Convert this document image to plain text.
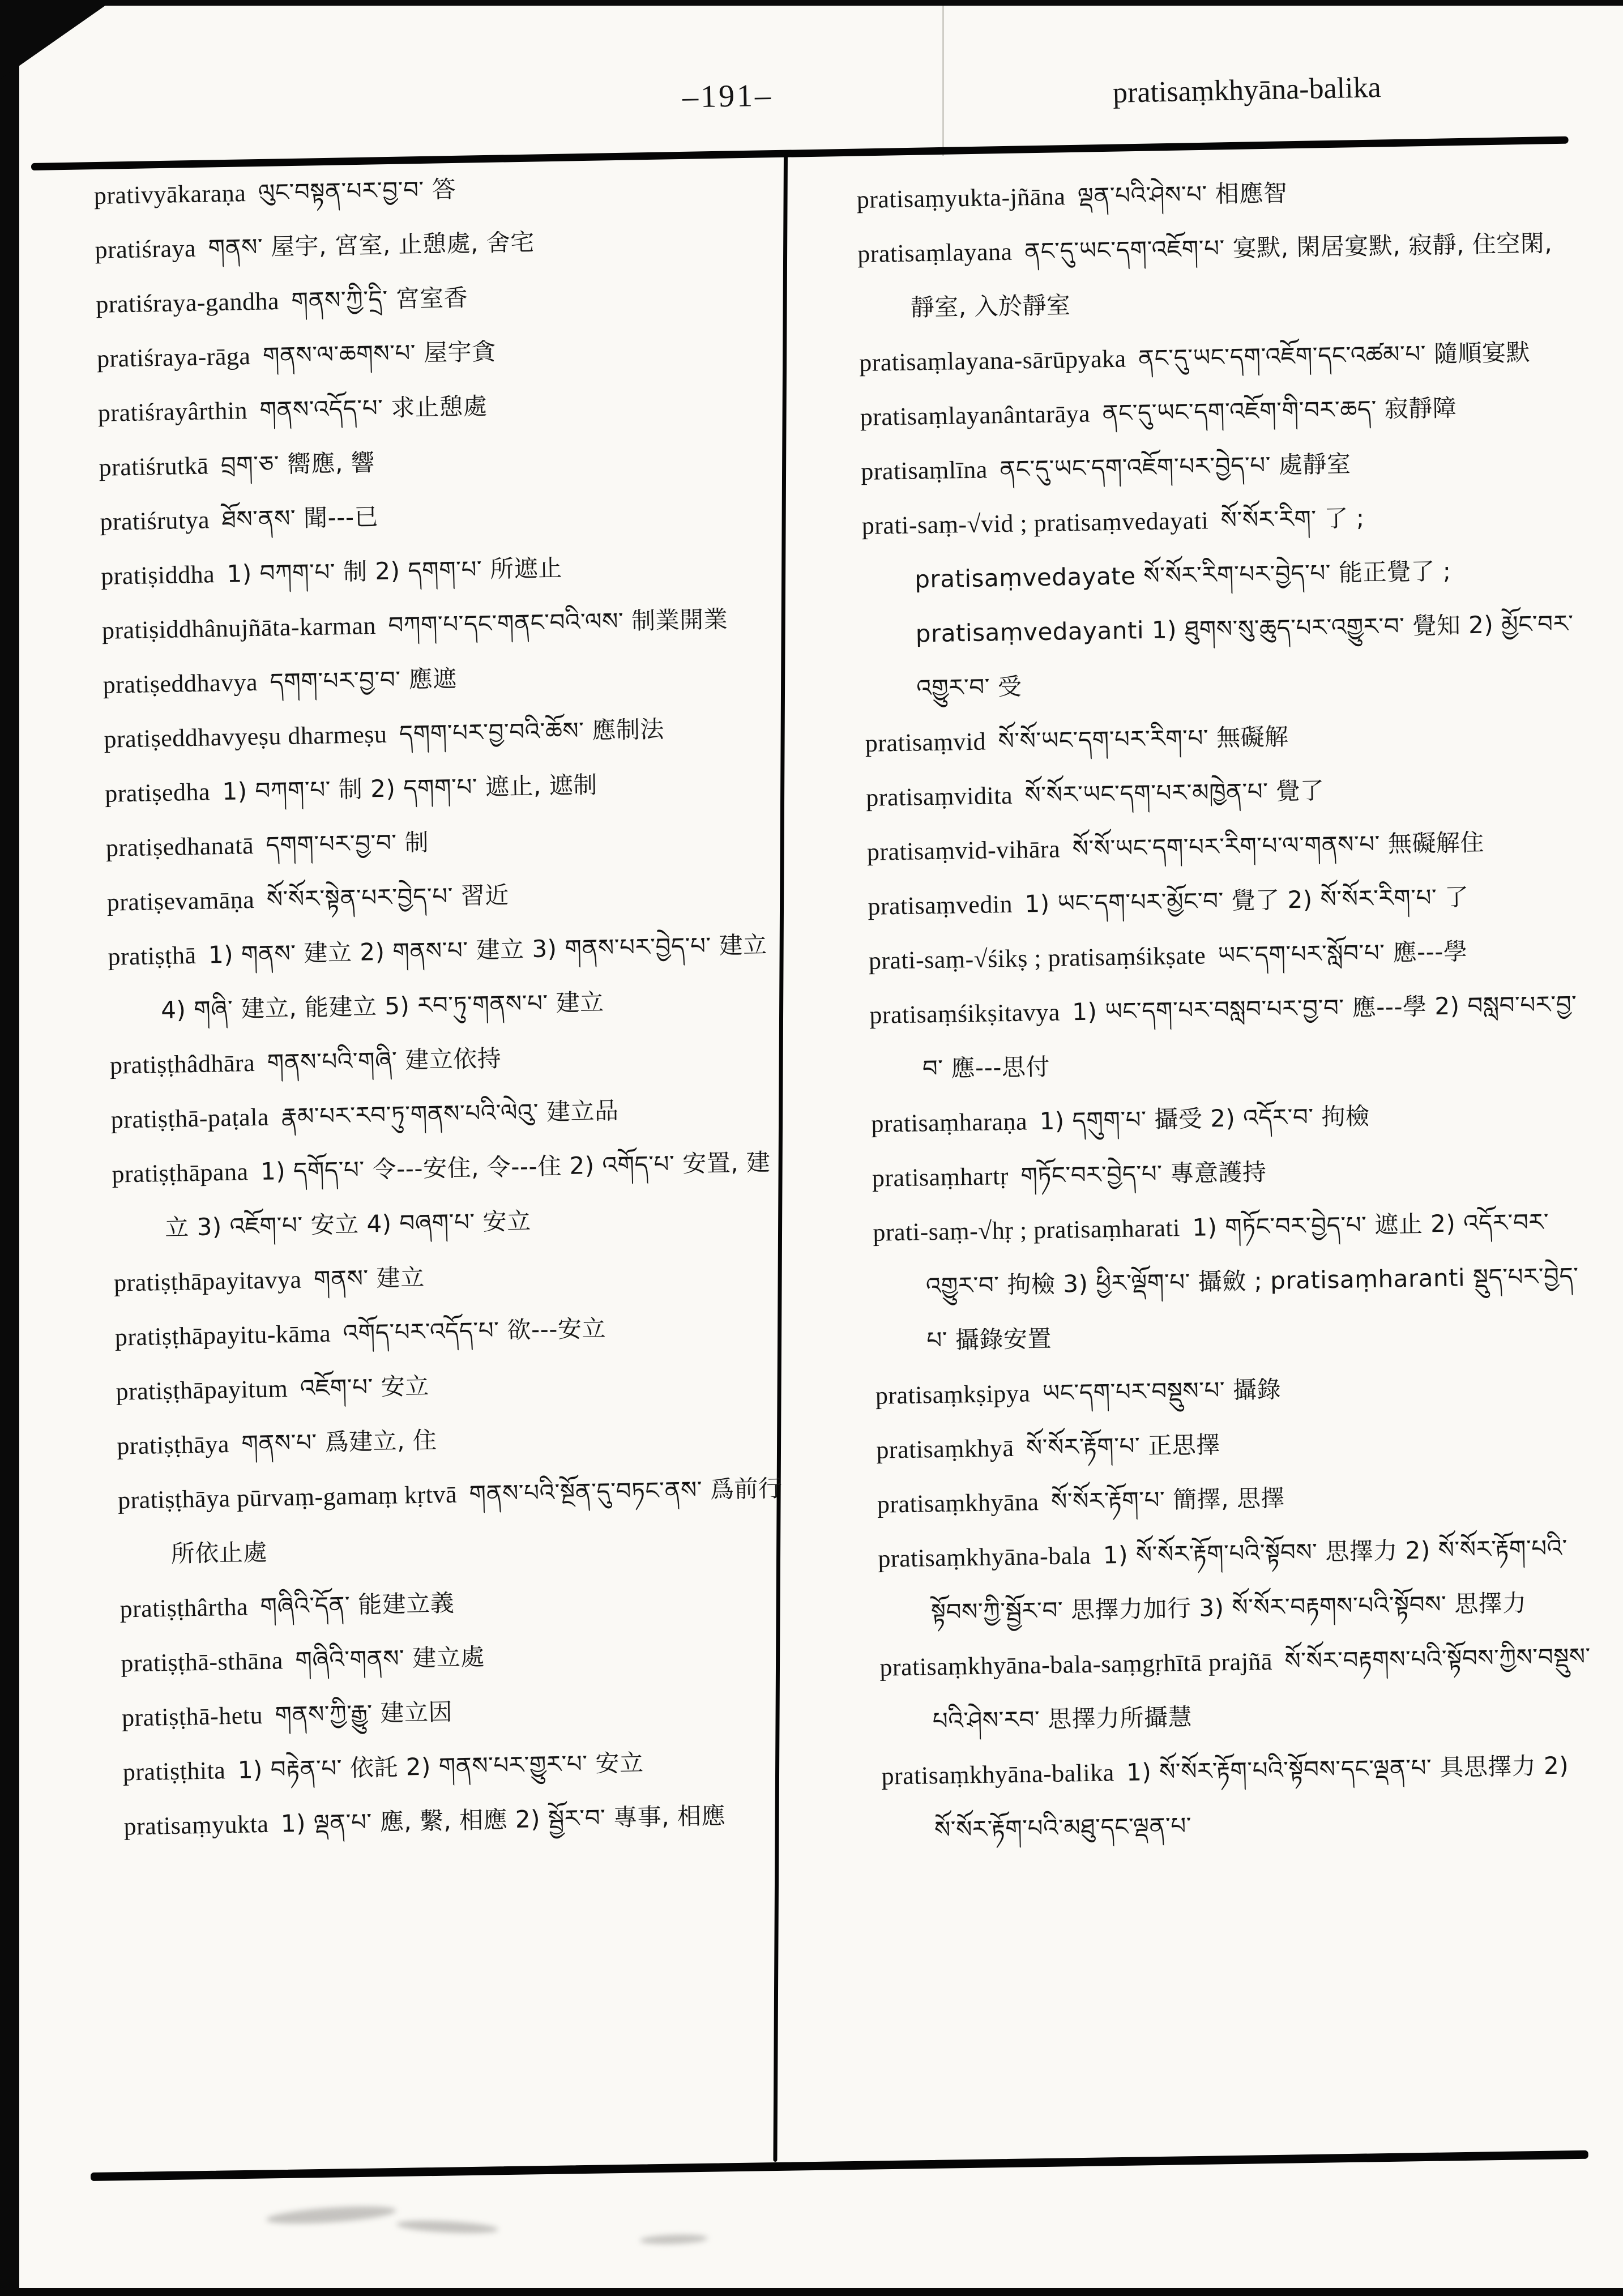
–191–	pratisaṃkhyāna-balika

prativyākaraṇa ལུང་བསྟན་པར་བྱ་བ་ 答

pratiśraya གནས་ 屋宇, 宮室, 止憩處, 舍宅

pratiśraya-gandha གནས་ཀྱི་དྲི་ 宮室香

pratiśraya-rāga གནས་ལ་ཆགས་པ་ 屋宇貪

pratiśrayârthin གནས་འདོད་པ་ 求止憩處

pratiśrutkā བྲག་ཅ་ 嚮應, 響

pratiśrutya ཐོས་ནས་ 聞---已

pratiṣiddha 1) བཀག་པ་ 制 2) དགག་པ་ 所遮止

pratiṣiddhânujñāta-karman བཀག་པ་དང་གནང་བའི་ལས་ 制業開業

pratiṣeddhavya དགག་པར་བྱ་བ་ 應遮

pratiṣeddhavyeṣu dharmeṣu དགག་པར་བྱ་བའི་ཆོས་ 應制法

pratiṣedha 1) བཀག་པ་ 制 2) དགག་པ་ 遮止, 遮制

pratiṣedhanatā དགག་པར་བྱ་བ་ 制

pratiṣevamāṇa སོ་སོར་སྟེན་པར་བྱེད་པ་ 習近

pratiṣṭhā 1) གནས་ 建立 2) གནས་པ་ 建立 3) གནས་པར་བྱེད་པ་ 建立 4) གཞི་ 建立, 能建立 5) རབ་ཏུ་གནས་པ་ 建立

pratiṣṭhâdhāra གནས་པའི་གཞི་ 建立依持

pratiṣṭhā-paṭala རྣམ་པར་རབ་ཏུ་གནས་པའི་ལེའུ་ 建立品

pratiṣṭhāpana 1) དགོད་པ་ 令---安住, 令---住 2) འགོད་པ་ 安置, 建立 3) འཇོག་པ་ 安立 4) བཞག་པ་ 安立

pratiṣṭhāpayitavya གནས་ 建立

pratiṣṭhāpayitu-kāma འགོད་པར་འདོད་པ་ 欲---安立

pratiṣṭhāpayitum འཇོག་པ་ 安立

pratiṣṭhāya གནས་པ་ 爲建立, 住

pratiṣṭhāya pūrvaṃ-gamaṃ kṛtvā གནས་པའི་སྔོན་དུ་བཏང་ནས་ 爲前行所依止處

pratiṣṭhârtha གཞིའི་དོན་ 能建立義

pratiṣṭhā-sthāna གཞིའི་གནས་ 建立處

pratiṣṭhā-hetu གནས་ཀྱི་རྒྱུ་ 建立因

pratiṣṭhita 1) བརྟེན་པ་ 依託 2) གནས་པར་གྱུར་པ་ 安立

pratisaṃyukta 1) ལྡན་པ་ 應, 繫, 相應 2) སྦྱོར་བ་ 專事, 相應

pratisaṃyukta-jñāna ལྡན་པའི་ཤེས་པ་ 相應智

pratisaṃlayana ནང་དུ་ཡང་དག་འཇོག་པ་ 宴默, 閑居宴默, 寂靜, 住空閑, 靜室, 入於靜室

pratisaṃlayana-sārūpyaka ནང་དུ་ཡང་དག་འཇོག་དང་འཚམ་པ་ 隨順宴默

pratisaṃlayanântarāya ནང་དུ་ཡང་དག་འཇོག་གི་བར་ཆད་ 寂靜障

pratisaṃlīna ནང་དུ་ཡང་དག་འཇོག་པར་བྱེད་པ་ 處靜室

prati-saṃ-√vid ; pratisaṃvedayati སོ་སོར་རིག་ 了 ; pratisaṃvedayate སོ་སོར་རིག་པར་བྱེད་པ་ 能正覺了 ; pratisaṃvedayanti 1) ཐུགས་སུ་ཆུད་པར་འགྱུར་བ་ 覺知 2) མྱོང་བར་འགྱུར་བ་ 受

pratisaṃvid སོ་སོ་ཡང་དག་པར་རིག་པ་ 無礙解

pratisaṃvidita སོ་སོར་ཡང་དག་པར་མཁྱེན་པ་ 覺了

pratisaṃvid-vihāra སོ་སོ་ཡང་དག་པར་རིག་པ་ལ་གནས་པ་ 無礙解住

pratisaṃvedin 1) ཡང་དག་པར་མྱོང་བ་ 覺了 2) སོ་སོར་རིག་པ་ 了

prati-saṃ-√śikṣ ; pratisaṃśikṣate ཡང་དག་པར་སློབ་པ་ 應---學

pratisaṃśikṣitavya 1) ཡང་དག་པར་བསླབ་པར་བྱ་བ་ 應---學 2) བསླབ་པར་བྱ་བ་ 應---思付

pratisaṃharaṇa 1) དགུག་པ་ 攝受 2) འདོར་བ་ 拘檢

pratisaṃhartṛ གཏོང་བར་བྱེད་པ་ 專意護持

prati-saṃ-√hṛ ; pratisaṃharati 1) གཏོང་བར་བྱེད་པ་ 遮止 2) འདོར་བར་འགྱུར་བ་ 拘檢 3) ཕྱིར་ལྡོག་པ་ 攝斂 ; pratisaṃharanti སྡུད་པར་བྱེད་པ་ 攝錄安置

pratisaṃkṣipya ཡང་དག་པར་བསྡུས་པ་ 攝錄

pratisaṃkhyā སོ་སོར་རྟོག་པ་ 正思擇

pratisaṃkhyāna སོ་སོར་རྟོག་པ་ 簡擇, 思擇

pratisaṃkhyāna-bala 1) སོ་སོར་རྟོག་པའི་སྟོབས་ 思擇力 2) སོ་སོར་རྟོག་པའི་སྟོབས་ཀྱི་སྦྱོར་བ་ 思擇力加行 3) སོ་སོར་བརྟགས་པའི་སྟོབས་ 思擇力

pratisaṃkhyāna-bala-saṃgṛhītā prajñā སོ་སོར་བརྟགས་པའི་སྟོབས་ཀྱིས་བསྡུས་པའི་ཤེས་རབ་ 思擇力所攝慧

pratisaṃkhyāna-balika 1) སོ་སོར་རྟོག་པའི་སྟོབས་དང་ལྡན་པ་ 具思擇力 2) སོ་སོར་རྟོག་པའི་མཐུ་དང་ལྡན་པ་
